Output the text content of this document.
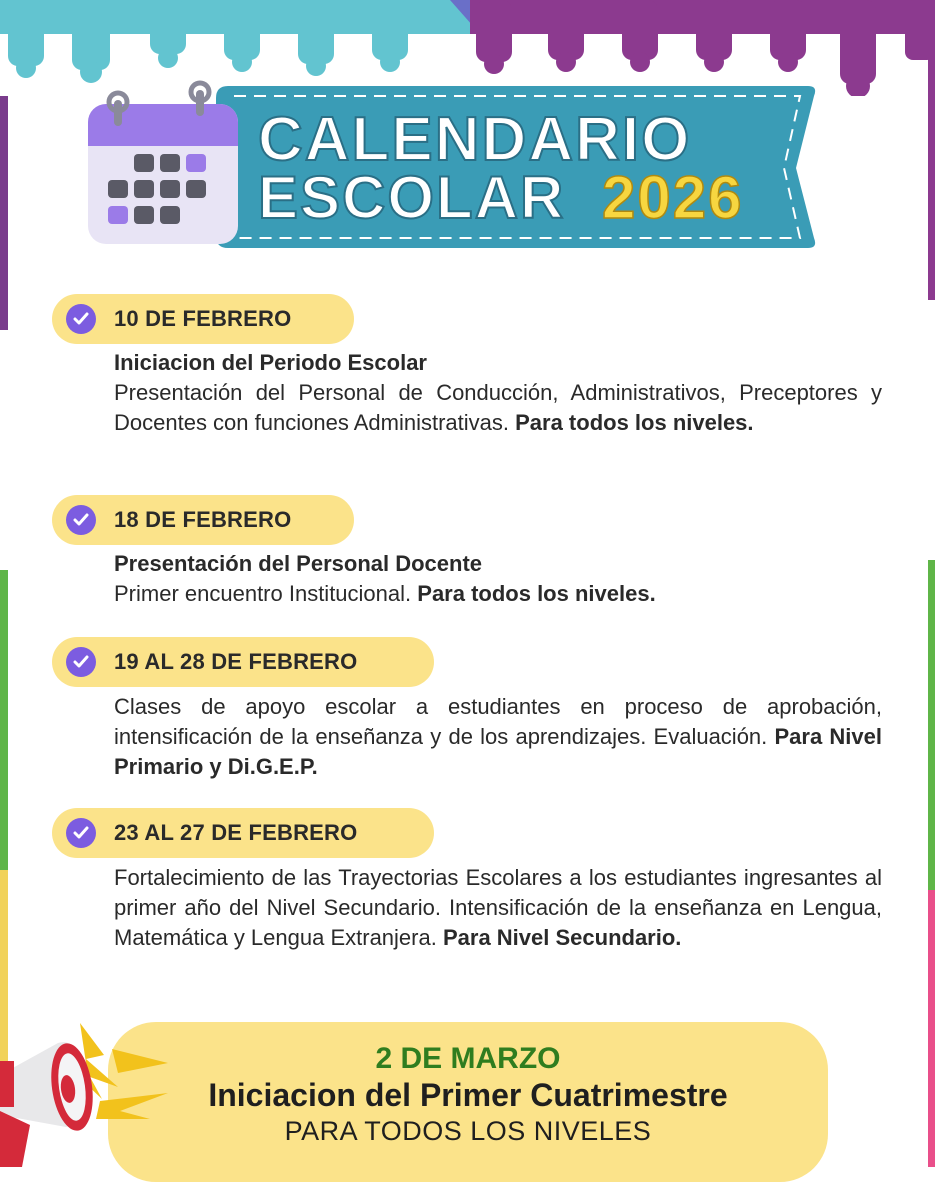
CALENDARIO
ESCOLAR 2026
10 DE FEBRERO
Iniciacion del Periodo Escolar
Presentación del Personal de Conducción, Administrativos, Preceptores y Docentes con funciones Administrativas. Para todos los niveles.
18 DE FEBRERO
Presentación del Personal Docente
Primer encuentro Institucional. Para todos los niveles.
19 AL 28 DE FEBRERO
Clases de apoyo escolar a estudiantes en proceso de aprobación, intensificación de la enseñanza y de los aprendizajes. Evaluación. Para Nivel Primario y Di.G.E.P.
23 AL 27 DE FEBRERO
Fortalecimiento de las Trayectorias Escolares a los estudiantes ingresantes al primer año del Nivel Secundario. Intensificación de la enseñanza en Lengua, Matemática y Lengua Extranjera. Para Nivel Secundario.
2 DE MARZO
Iniciacion del Primer Cuatrimestre
PARA TODOS LOS NIVELES
